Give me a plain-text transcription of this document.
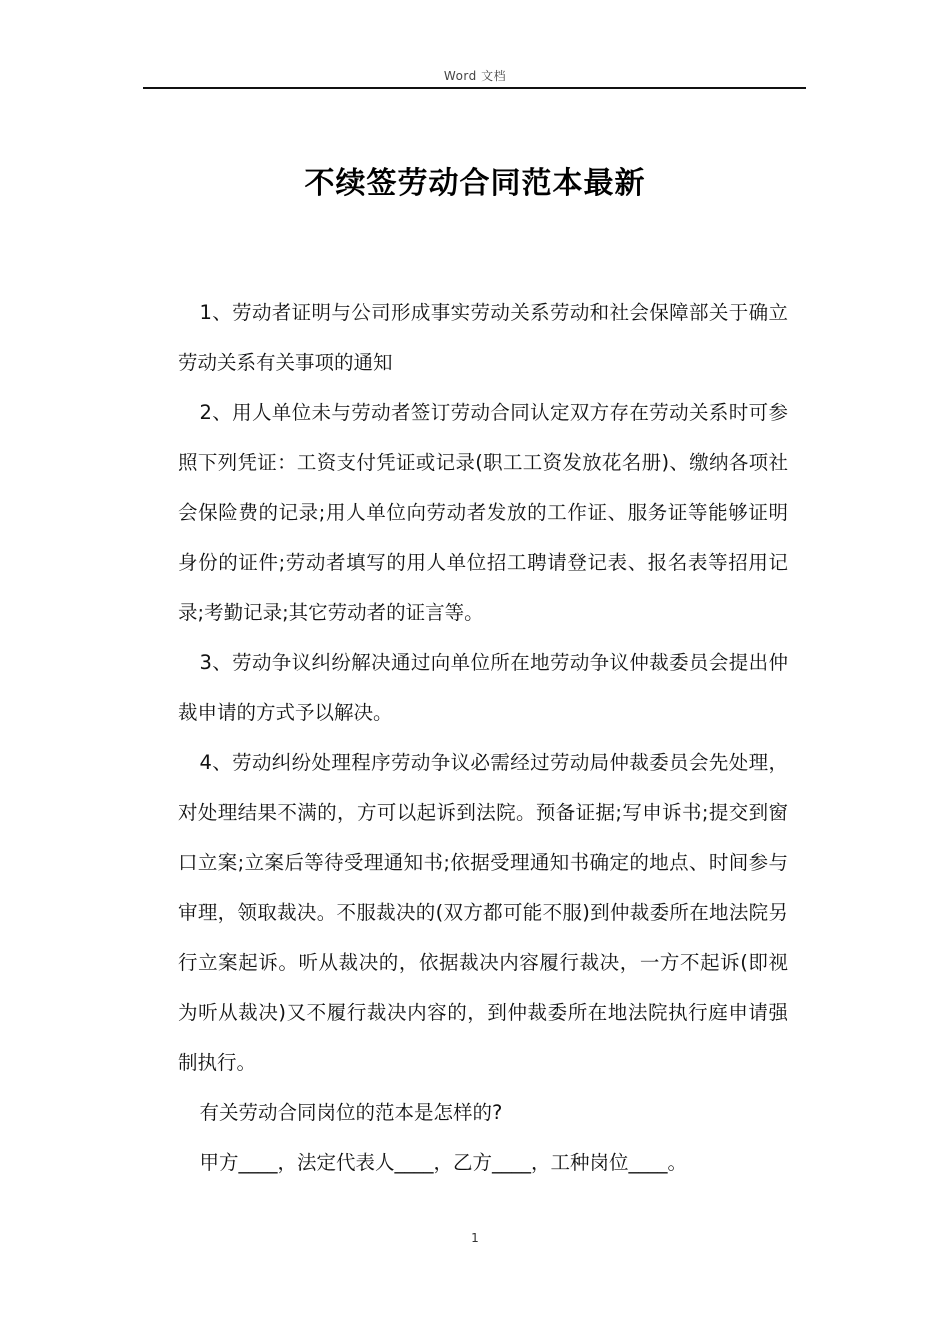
Word 文档
不续签劳动合同范本最新

1、劳动者证明与公司形成事实劳动关系劳动和社会保障部关于确立劳动关系有关事项的通知

2、用人单位未与劳动者签订劳动合同认定双方存在劳动关系时可参照下列凭证：工资支付凭证或记录(职工工资发放花名册)、缴纳各项社会保险费的记录;用人单位向劳动者发放的工作证、服务证等能够证明身份的证件;劳动者填写的用人单位招工聘请登记表、报名表等招用记录;考勤记录;其它劳动者的证言等。

3、劳动争议纠纷解决通过向单位所在地劳动争议仲裁委员会提出仲裁申请的方式予以解决。

4、劳动纠纷处理程序劳动争议必需经过劳动局仲裁委员会先处理，对处理结果不满的，方可以起诉到法院。预备证据;写申诉书;提交到窗口立案;立案后等待受理通知书;依据受理通知书确定的地点、时间参与审理，领取裁决。不服裁决的(双方都可能不服)到仲裁委所在地法院另行立案起诉。听从裁决的，依据裁决内容履行裁决，一方不起诉(即视为听从裁决)又不履行裁决内容的，到仲裁委所在地法院执行庭申请强制执行。

有关劳动合同岗位的范本是怎样的?

甲方____，法定代表人____，乙方____，工种岗位____。

1
